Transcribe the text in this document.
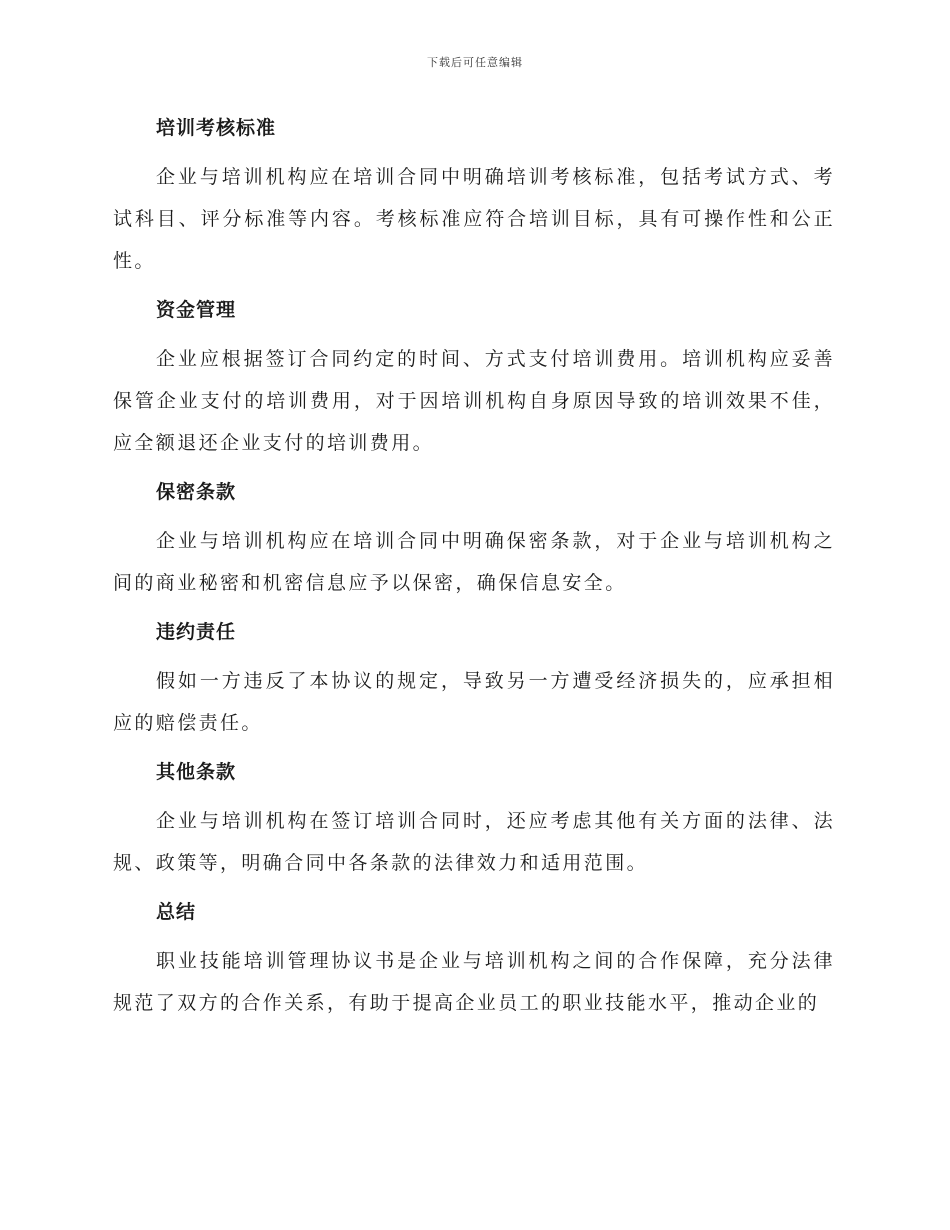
下载后可任意编辑
培训考核标准
企业与培训机构应在培训合同中明确培训考核标准，包括考试方式、考试科目、评分标准等内容。考核标准应符合培训目标，具有可操作性和公正性。
资金管理
企业应根据签订合同约定的时间、方式支付培训费用。培训机构应妥善保管企业支付的培训费用，对于因培训机构自身原因导致的培训效果不佳，应全额退还企业支付的培训费用。
保密条款
企业与培训机构应在培训合同中明确保密条款，对于企业与培训机构之间的商业秘密和机密信息应予以保密，确保信息安全。
违约责任
假如一方违反了本协议的规定，导致另一方遭受经济损失的，应承担相应的赔偿责任。
其他条款
企业与培训机构在签订培训合同时，还应考虑其他有关方面的法律、法规、政策等，明确合同中各条款的法律效力和适用范围。
总结
职业技能培训管理协议书是企业与培训机构之间的合作保障，充分法律规范了双方的合作关系，有助于提高企业员工的职业技能水平，推动企业的
